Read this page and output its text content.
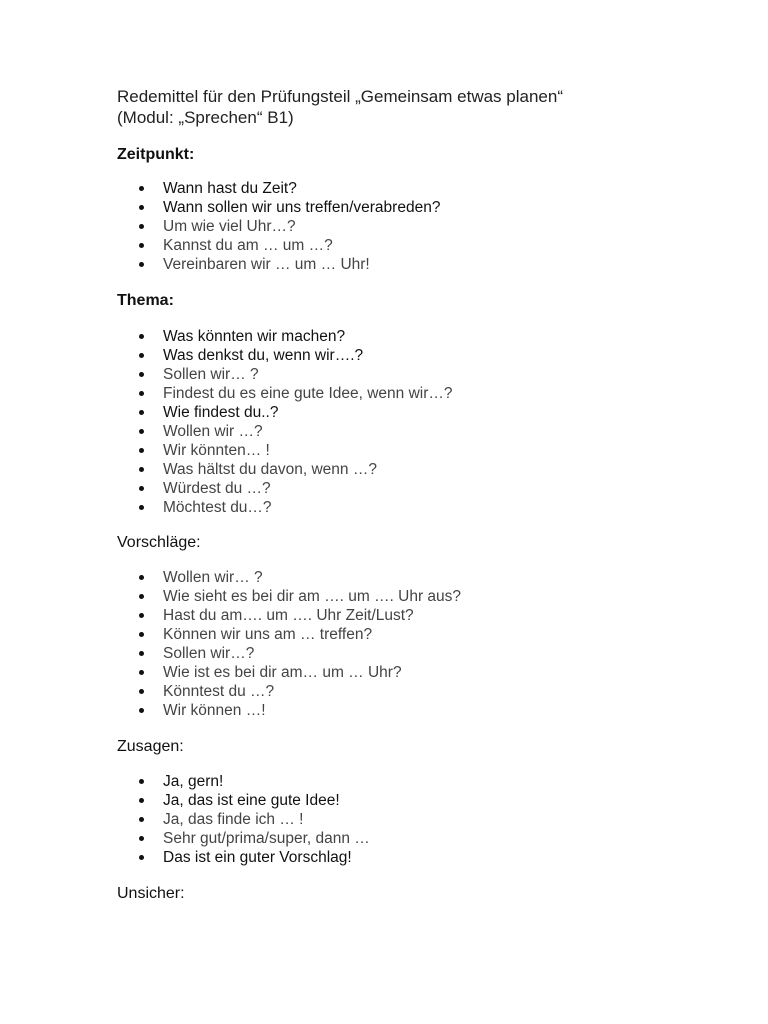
Redemittel für den Prüfungsteil „Gemeinsam etwas planen“
(Modul: „Sprechen“ B1)
Zeitpunkt:
Wann hast du Zeit?
Wann sollen wir uns treffen/verabreden?
Um wie viel Uhr…?
Kannst du am … um …?
Vereinbaren wir … um … Uhr!
Thema:
Was könnten wir machen?
Was denkst du, wenn wir….?
Sollen wir… ?
Findest du es eine gute Idee, wenn wir…?
Wie findest du..?
Wollen wir …?
Wir könnten… !
Was hältst du davon, wenn …?
Würdest du …?
Möchtest du…?
Vorschläge:
Wollen wir… ?
Wie sieht es bei dir am …. um …. Uhr aus?
Hast du am…. um …. Uhr Zeit/Lust?
Können wir uns am … treffen?
Sollen wir…?
Wie ist es bei dir am… um … Uhr?
Könntest du …?
Wir können …!
Zusagen:
Ja, gern!
Ja, das ist eine gute Idee!
Ja, das finde ich … !
Sehr gut/prima/super, dann …
Das ist ein guter Vorschlag!
Unsicher:
